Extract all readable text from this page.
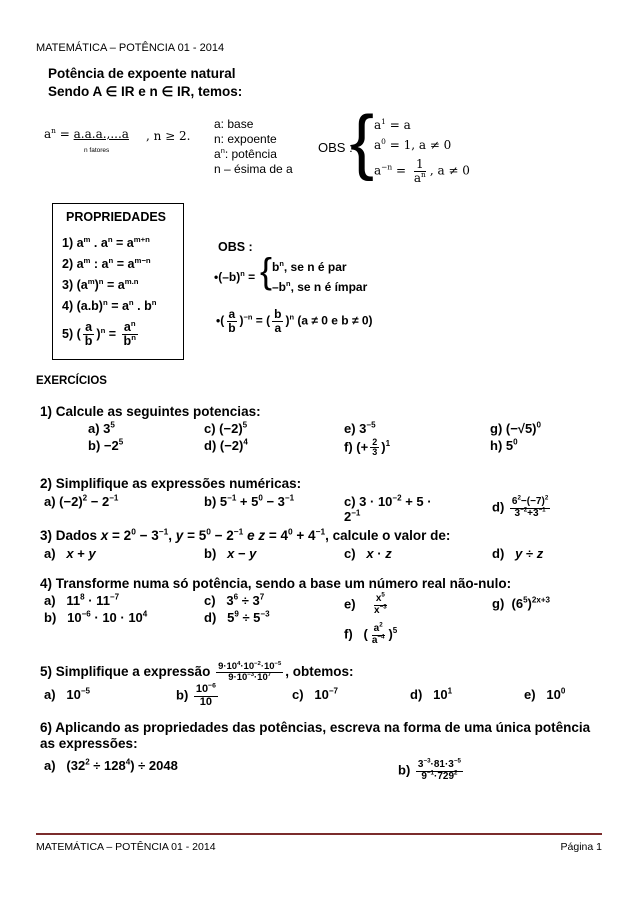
MATEMÁTICA – POTÊNCIA 01 - 2014
Potência de expoente natural
Sendo A ∈ IR e n ∈ IR, temos:
$a^n = a.a.a.,...a$
n fatores
, n ≥ 2.
a: base
n: expoente
$a^n$: potência
n – ésima de a
OBS :
{ $a^1 = a$
$a^0 = 1$, a ≠ 0
$a^{-n} = \frac{1}{a^n}$ , a ≠ 0
PROPRIEDADES
1) $a^m$ . $a^n = a^{m+n}$
2) $a^m$ : $a^n = a^{m-n}$
3) $(a^m)^n = a^{m.n}$
4) $(a.b)^n = a^n$ . $b^n$
5) ( $\frac{a}{b} )^n = \frac{a^n}{b^n}$
OBS :
$•(-b)^n$ = { $b^n$, se n é par
$-b^n$, se n é ímpar
•( $\frac{a}{b} )^{-n}$ = ( $\frac{b}{a} )^n$ (a ≠ 0 e b ≠ 0)
EXERCÍCIOS
1) Calcule as seguintes potencias:
a) $3^5$
$b) -2^5$
c) $(-2)^5$
d) $(-2)^4$
e) $3^{-5}$
f) (+ $\frac{2}{3} )^1$
g) $(-√5)^0$
h) $5^0$
2) Simplifique as expressões numéricas:
a) $(-2)^2 - 2^{-1}$	b) $5^{-1} + 5^0 - 3^{-1}$	c) $3 \cdot 10^{-2} + 5$ ·
$2^{-1}$	$d) \frac{6^2-(-7)^2}{3^{-2}+3^{-1}}$
3) Dados $x = 2^0 - 3^{-1}$, $y = 5^0 - 2^{-1}$ e $z = 4^0 + 4^{-1}$, calcule o valor de:
a)   x + y	b)   x − y	c)   x · z	d)   y ÷ z
4) Transforme numa só potência, sendo a base um número real não-nulo:
a)   $11^8 \cdot 11^{-7}$
b)   $10^{-6} \cdot 10 \cdot 10^4$
c)   $3^6 \div 3^7$
d)   $5^9 \div 5^{-3}$
$e) \frac{x^5}{x^{-3}}$
f)   ( $\frac{a^2}{a^{-4}} )^5$
g)  $(6^5)^{2x+3}$
5) Simplifique a expressão $\frac{9\cdot 10^4\cdot 10^{-2}\cdot 10^{-5}}{9\cdot 10^{-3}\cdot 10^7}$ , obtemos:
a)   $10^{-5}$	$b) \frac{10^{-6}}{10}$	c)   $10^{-7}$	d)   $10^1$	e)   $10^0$
6) Aplicando as propriedades das potências, escreva na forma de uma única potência as expressões:
a)   $(32^2 \div 128^4) \div 2048$	$b) \frac{3^{-3}\cdot 81\cdot 3^{-5}}{9^{-1}\cdot 729^2}$
MATEMÁTICA – POTÊNCIA 01 - 2014	Página 1
